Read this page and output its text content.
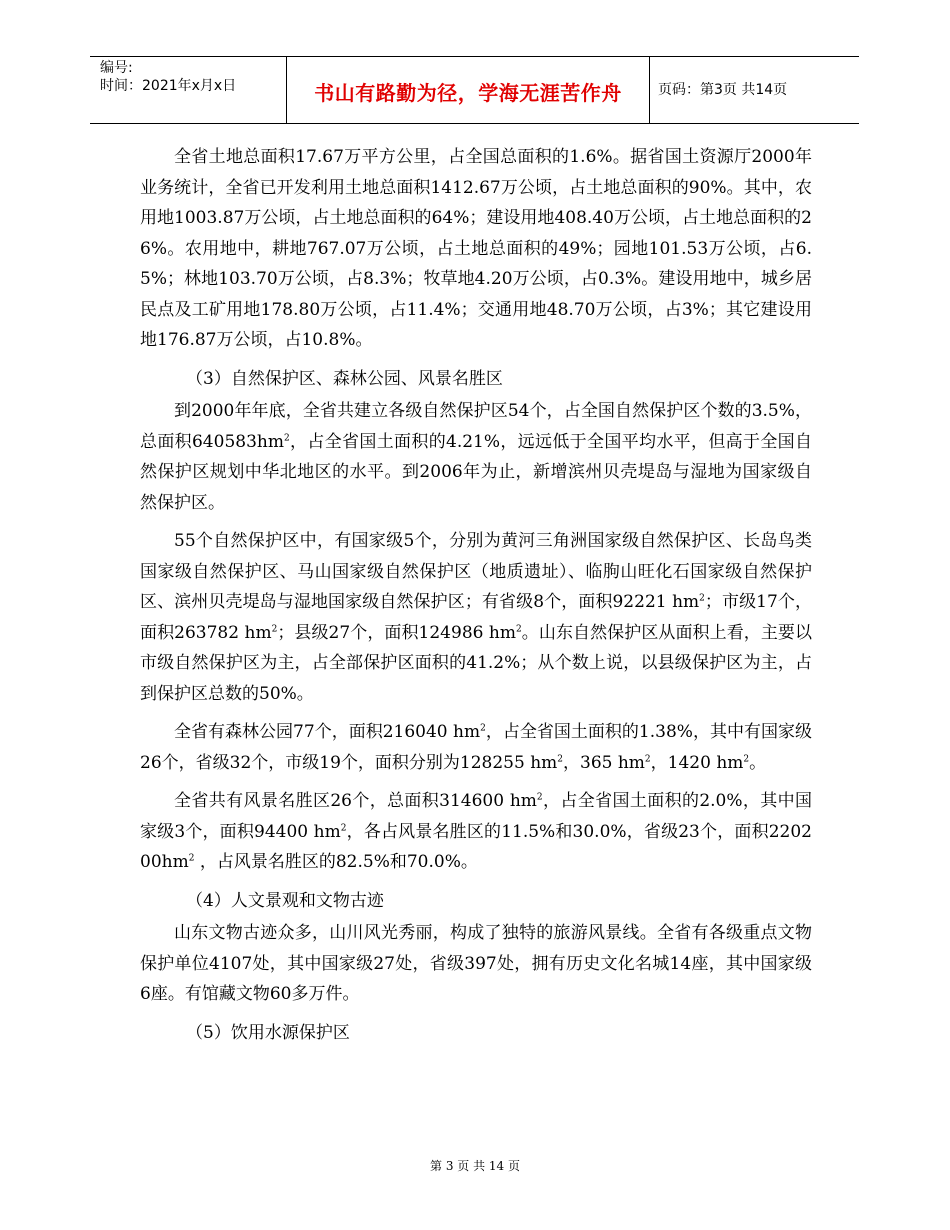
编号:
时间：2021年x月x日	书山有路勤为径，学海无涯苦作舟	页码：第3页 共14页

全省土地总面积17.67万平方公里，占全国总面积的1.6%。据省国土资源厅2000年业务统计，全省已开发利用土地总面积1412.67万公顷，占土地总面积的90%。其中，农用地1003.87万公顷，占土地总面积的64%；建设用地408.40万公顷，占土地总面积的26%。农用地中，耕地767.07万公顷，占土地总面积的49%；园地101.53万公顷，占6.5%；林地103.70万公顷，占8.3%；牧草地4.20万公顷，占0.3%。建设用地中，城乡居民点及工矿用地178.80万公顷，占11.4%；交通用地48.70万公顷，占3%；其它建设用地176.87万公顷，占10.8%。

（3）自然保护区、森林公园、风景名胜区

到2000年年底，全省共建立各级自然保护区54个，占全国自然保护区个数的3.5%，总面积$640583hm^2$，占全省国土面积的4.21%，远远低于全国平均水平，但高于全国自然保护区规划中华北地区的水平。到2006年为止，新增滨州贝壳堤岛与湿地为国家级自然保护区。

55个自然保护区中，有国家级5个，分别为黄河三角洲国家级自然保护区、长岛鸟类国家级自然保护区、马山国家级自然保护区（地质遗址）、临朐山旺化石国家级自然保护区、滨州贝壳堤岛与湿地国家级自然保护区；有省级8个，面积92221 $hm^2$；市级17个，面积263782 $hm^2$；县级27个，面积124986 $hm^2$。山东自然保护区从面积上看，主要以市级自然保护区为主，占全部保护区面积的41.2%；从个数上说，以县级保护区为主，占到保护区总数的50%。

全省有森林公园77个，面积216040 $hm^2$，占全省国土面积的1.38%，其中有国家级26个，省级32个，市级19个，面积分别为128255 $hm^2$，365 $hm^2$，1420 $hm^2$。

全省共有风景名胜区26个，总面积314600 $hm^2$，占全省国土面积的2.0%，其中国家级3个，面积94400 $hm^2$，各占风景名胜区的11.5%和30.0%，省级23个，面积$220200hm^2$ ，占风景名胜区的82.5%和70.0%。

（4）人文景观和文物古迹

山东文物古迹众多，山川风光秀丽，构成了独特的旅游风景线。全省有各级重点文物保护单位4107处，其中国家级27处，省级397处，拥有历史文化名城14座，其中国家级6座。有馆藏文物60多万件。

（5）饮用水源保护区

第 3 页 共 14 页
